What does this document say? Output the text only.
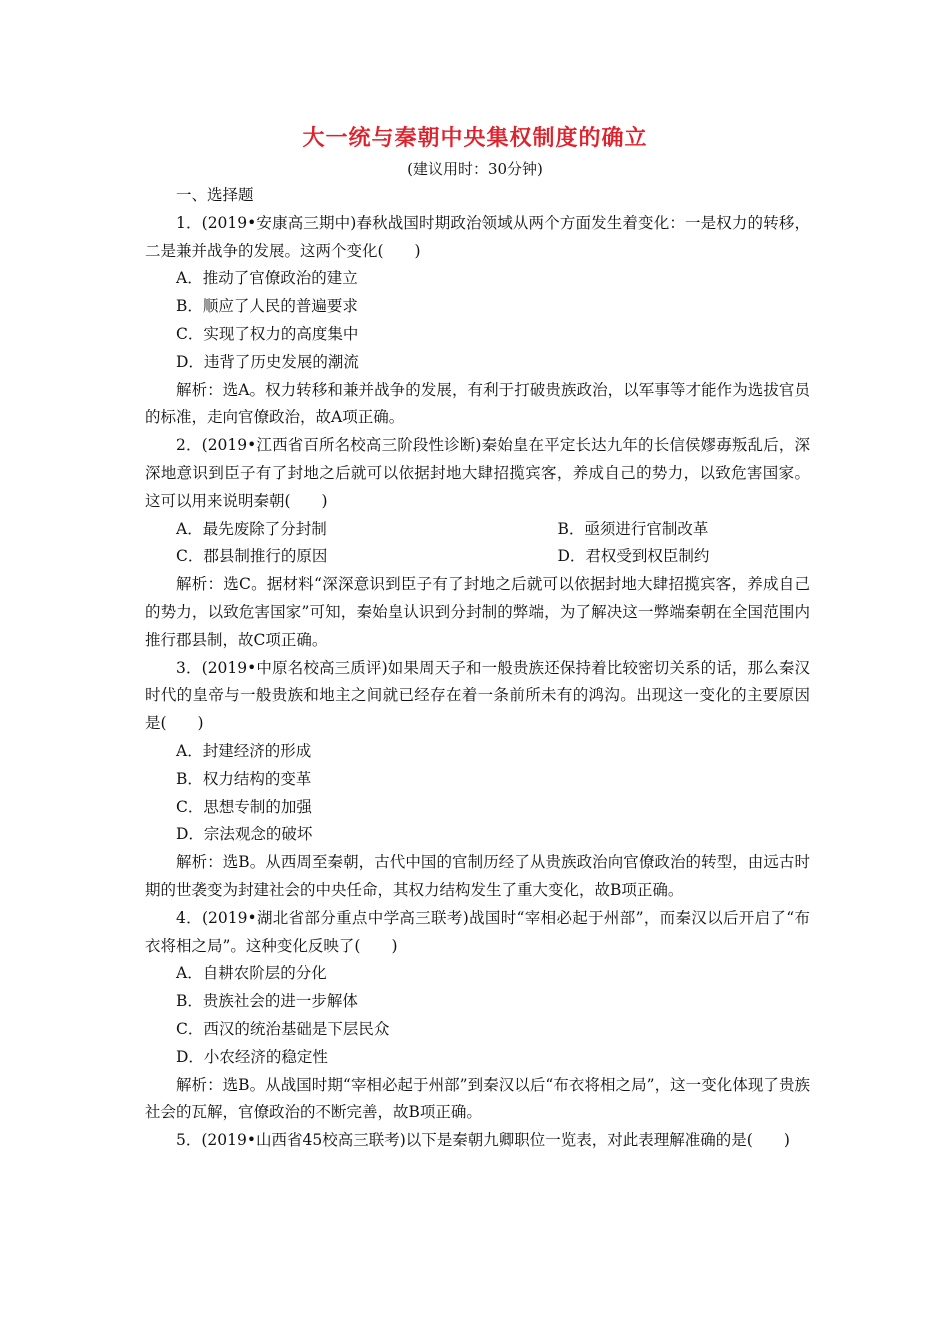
大一统与秦朝中央集权制度的确立
(建议用时：30分钟)

一、选择题

1．(2019•安康高三期中)春秋战国时期政治领域从两个方面发生着变化：一是权力的转移，二是兼并战争的发展。这两个变化(　　)

A．推动了官僚政治的建立

B．顺应了人民的普遍要求

C．实现了权力的高度集中

D．违背了历史发展的潮流

解析：选A。权力转移和兼并战争的发展，有利于打破贵族政治，以军事等才能作为选拔官员的标准，走向官僚政治，故A项正确。

2．(2019•江西省百所名校高三阶段性诊断)秦始皇在平定长达九年的长信侯嫪毐叛乱后，深深地意识到臣子有了封地之后就可以依据封地大肆招揽宾客，养成自己的势力，以致危害国家。这可以用来说明秦朝(　　)

A．最先废除了分封制	B．亟须进行官制改革
C．郡县制推行的原因	D．君权受到权臣制约

解析：选C。据材料“深深意识到臣子有了封地之后就可以依据封地大肆招揽宾客，养成自己的势力，以致危害国家”可知，秦始皇认识到分封制的弊端，为了解决这一弊端秦朝在全国范围内推行郡县制，故C项正确。

3．(2019•中原名校高三质评)如果周天子和一般贵族还保持着比较密切关系的话，那么秦汉时代的皇帝与一般贵族和地主之间就已经存在着一条前所未有的鸿沟。出现这一变化的主要原因是(　　)

A．封建经济的形成

B．权力结构的变革

C．思想专制的加强

D．宗法观念的破坏

解析：选B。从西周至秦朝，古代中国的官制历经了从贵族政治向官僚政治的转型，由远古时期的世袭变为封建社会的中央任命，其权力结构发生了重大变化，故B项正确。

4．(2019•湖北省部分重点中学高三联考)战国时“宰相必起于州部”，而秦汉以后开启了“布衣将相之局”。这种变化反映了(　　)

A．自耕农阶层的分化

B．贵族社会的进一步解体

C．西汉的统治基础是下层民众

D．小农经济的稳定性

解析：选B。从战国时期“宰相必起于州部”到秦汉以后“布衣将相之局”，这一变化体现了贵族社会的瓦解，官僚政治的不断完善，故B项正确。

5．(2019•山西省45校高三联考)以下是秦朝九卿职位一览表，对此表理解准确的是(　　)
